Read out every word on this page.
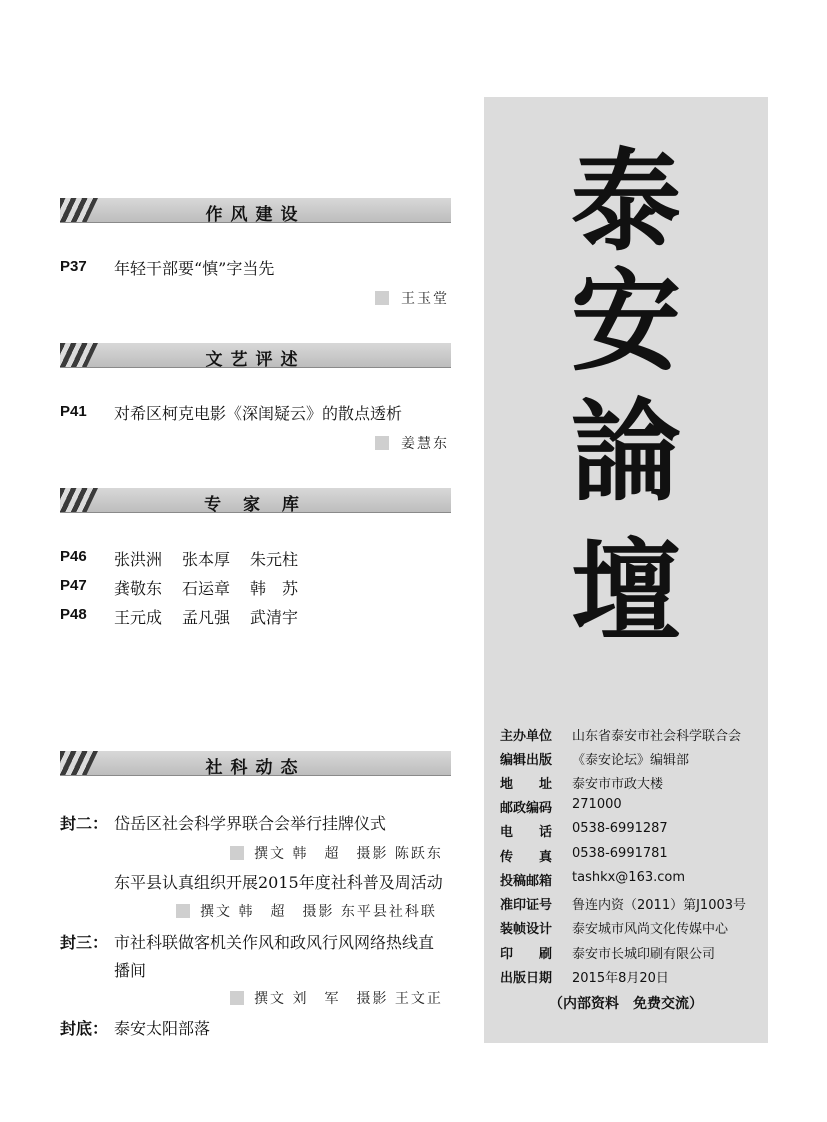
作风建设
P37 年轻干部要“慎”字当先
王玉堂
文艺评述
P41 对希区柯克电影《深闺疑云》的散点透析
姜慧东
专 家 库
P46 张洪洲 张本厚 朱元柱
P47 龚敬东 石运章 韩　苏
P48 王元成 孟凡强 武清宇
社科动态
封二： 岱岳区社会科学界联合会举行挂牌仪式
撰文 韩　超　摄影 陈跃东
东平县认真组织开展2015年度社科普及周活动
撰文 韩　超　摄影 东平县社科联
封三： 市社科联做客机关作风和政风行风网络热线直
播间
撰文 刘　军　摄影 王文正
封底： 泰安太阳部落
泰
安
論
壇
主办单位 山东省泰安市社会科学联合会
编辑出版 《泰安论坛》编辑部
地　　址 泰安市市政大楼
邮政编码 271000
电　　话 0538-6991287
传　　真 0538-6991781
投稿邮箱 tashkx@163.com
准印证号 鲁连内资（2011）第J1003号
装帧设计 泰安城市风尚文化传媒中心
印　　刷 泰安市长城印刷有限公司
出版日期 2015年8月20日
（内部资料　免费交流）
